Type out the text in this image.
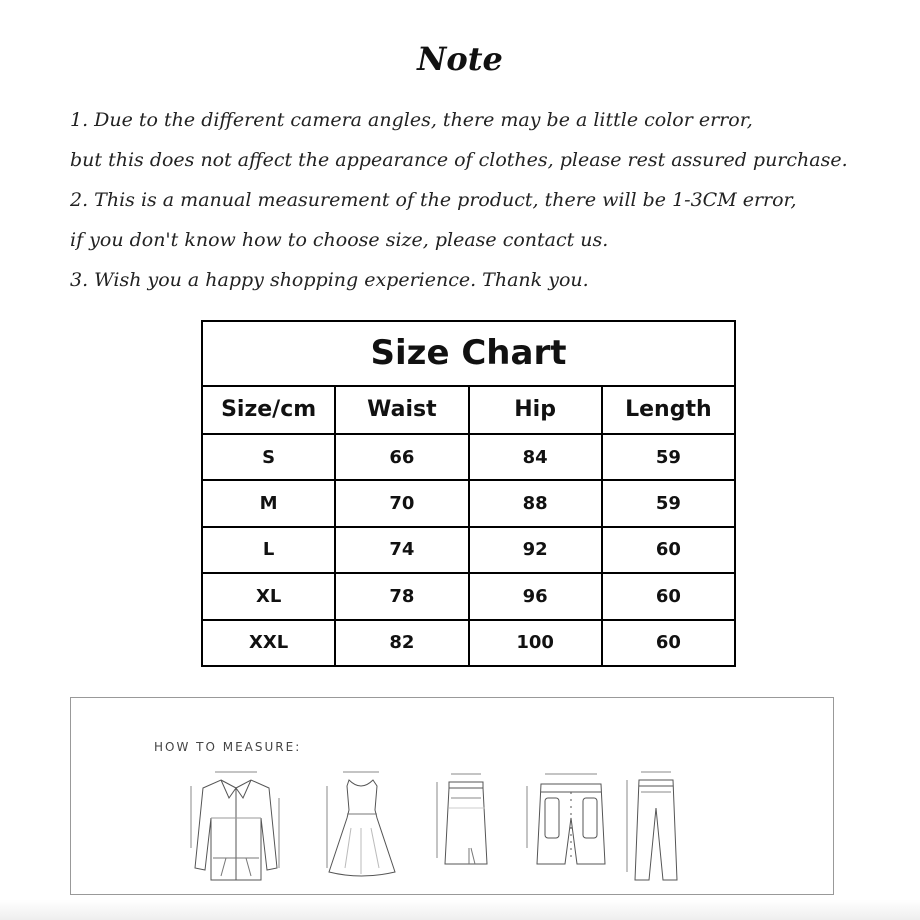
Note
1. Due to the different camera angles, there may be a little color error,
but this does not affect the appearance of clothes, please rest assured purchase.
2. This is a manual measurement of the product, there will be 1-3CM error,
if you don't know how to choose size, please contact us.
3. Wish you a happy shopping experience. Thank you.
Size Chart			
Size/cm	Waist	Hip	Length
S	66	84	59
M	70	88	59
L	74	92	60
XL	78	96	60
XXL	82	100	60
HOW TO MEASURE:
